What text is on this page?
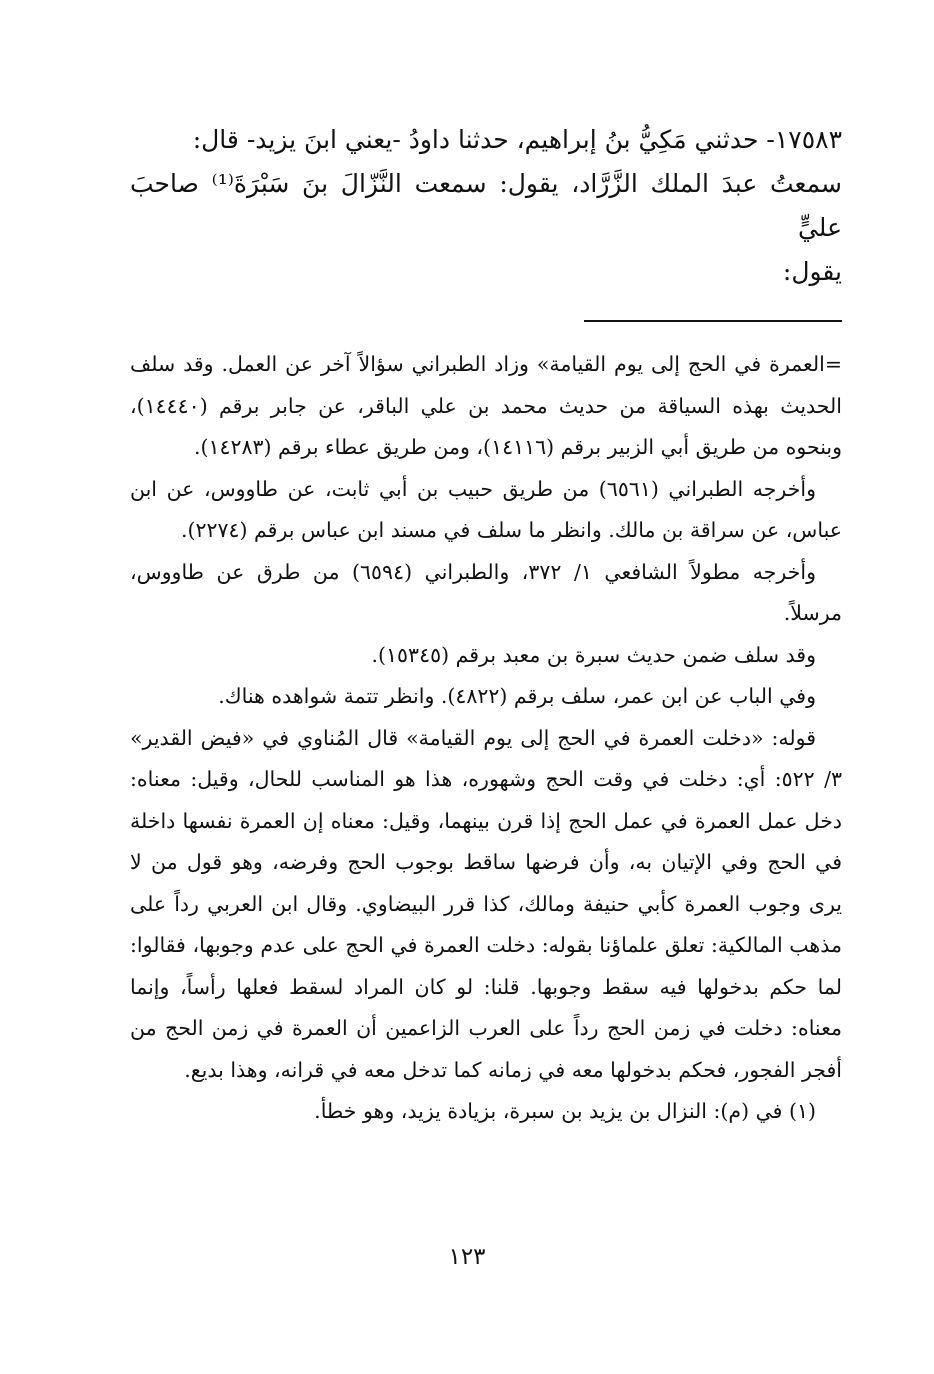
١٧٥٨٣- حدثني مَكِيُّ بنُ إبراهيم، حدثنا داودُ -يعني ابنَ يزيد- قال:
سمعتُ عبدَ الملك الزَّرَّاد، يقول: سمعت النَّزّالَ بنَ سَبْرَةَ⁽¹⁾ صاحبَ عليٍّ
يقول:

= العمرة في الحج إلى يوم القيامة» وزاد الطبراني سؤالاً آخر عن العمل. وقد سلف الحديث بهذه السياقة من حديث محمد بن علي الباقر، عن جابر برقم (١٤٤٤٠)، وبنحوه من طريق أبي الزبير برقم (١٤١١٦)، ومن طريق عطاء برقم (١٤٢٨٣).

وأخرجه الطبراني (٦٥٦١) من طريق حبيب بن أبي ثابت، عن طاووس، عن ابن عباس، عن سراقة بن مالك. وانظر ما سلف في مسند ابن عباس برقم (٢٢٧٤).

وأخرجه مطولاً الشافعي ١/ ٣٧٢، والطبراني (٦٥٩٤) من طرق عن طاووس، مرسلاً.

وقد سلف ضمن حديث سبرة بن معبد برقم (١٥٣٤٥).

وفي الباب عن ابن عمر، سلف برقم (٤٨٢٢). وانظر تتمة شواهده هناك.

قوله: «دخلت العمرة في الحج إلى يوم القيامة» قال المُناوي في «فيض القدير» ٣/ ٥٢٢: أي: دخلت في وقت الحج وشهوره، هذا هو المناسب للحال، وقيل: معناه: دخل عمل العمرة في عمل الحج إذا قرن بينهما، وقيل: معناه إن العمرة نفسها داخلة في الحج وفي الإتيان به، وأن فرضها ساقط بوجوب الحج وفرضه، وهو قول من لا يرى وجوب العمرة كأبي حنيفة ومالك، كذا قرر البيضاوي. وقال ابن العربي رداً على مذهب المالكية: تعلق علماؤنا بقوله: دخلت العمرة في الحج على عدم وجوبها، فقالوا: لما حكم بدخولها فيه سقط وجوبها. قلنا: لو كان المراد لسقط فعلها رأساً، وإنما معناه: دخلت في زمن الحج رداً على العرب الزاعمين أن العمرة في زمن الحج من أفجر الفجور، فحكم بدخولها معه في زمانه كما تدخل معه في قرانه، وهذا بديع.

(١) في (م): النزال بن يزيد بن سبرة، بزيادة يزيد، وهو خطأ.

١٢٣
